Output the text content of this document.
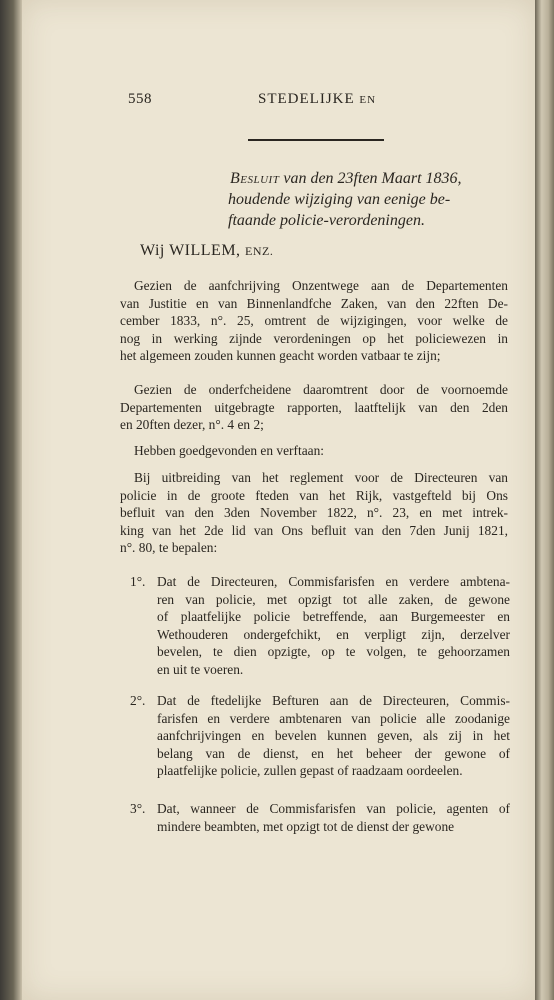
558	STEDELIJKE EN
Besluit van den 23ften Maart 1836,
houdende wijziging van eenige be-
ftaande policie-verordeningen.
Wij WILLEM, ENZ.
Gezien de aanfchrijving Onzentwege aan de Departementen
van Justitie en van Binnenlandfche Zaken, van den 22ften De-
cember 1833, n°. 25, omtrent de wijzigingen, voor welke de
nog in werking zijnde verordeningen op het policiewezen in
het algemeen zouden kunnen geacht worden vatbaar te zijn;
Gezien de onderfcheidene daaromtrent door de voornoemde
Departementen uitgebragte rapporten, laatftelijk van den 2den
en 20ften dezer, n°. 4 en 2;
Hebben goedgevonden en verftaan:
Bij uitbreiding van het reglement voor de Directeuren van
policie in de groote fteden van het Rijk, vastgefteld bij Ons
befluit van den 3den November 1822, n°. 23, en met intrek-
king van het 2de lid van Ons befluit van den 7den Junij 1821,
n°. 80, te bepalen:
1°. Dat de Directeuren, Commisfarisfen en verdere ambtena-
ren van policie, met opzigt tot alle zaken, de gewone
of plaatfelijke policie betreffende, aan Burgemeester en
Wethouderen ondergefchikt, en verpligt zijn, derzelver
bevelen, te dien opzigte, op te volgen, te gehoorzamen
en uit te voeren.
2°. Dat de ftedelijke Befturen aan de Directeuren, Commis-
farisfen en verdere ambtenaren van policie alle zoodanige
aanfchrijvingen en bevelen kunnen geven, als zij in het
belang van de dienst, en het beheer der gewone of
plaatfelijke policie, zullen gepast of raadzaam oordeelen.
3°. Dat, wanneer de Commisfarisfen van policie, agenten of
mindere beambten, met opzigt tot de dienst der gewone
